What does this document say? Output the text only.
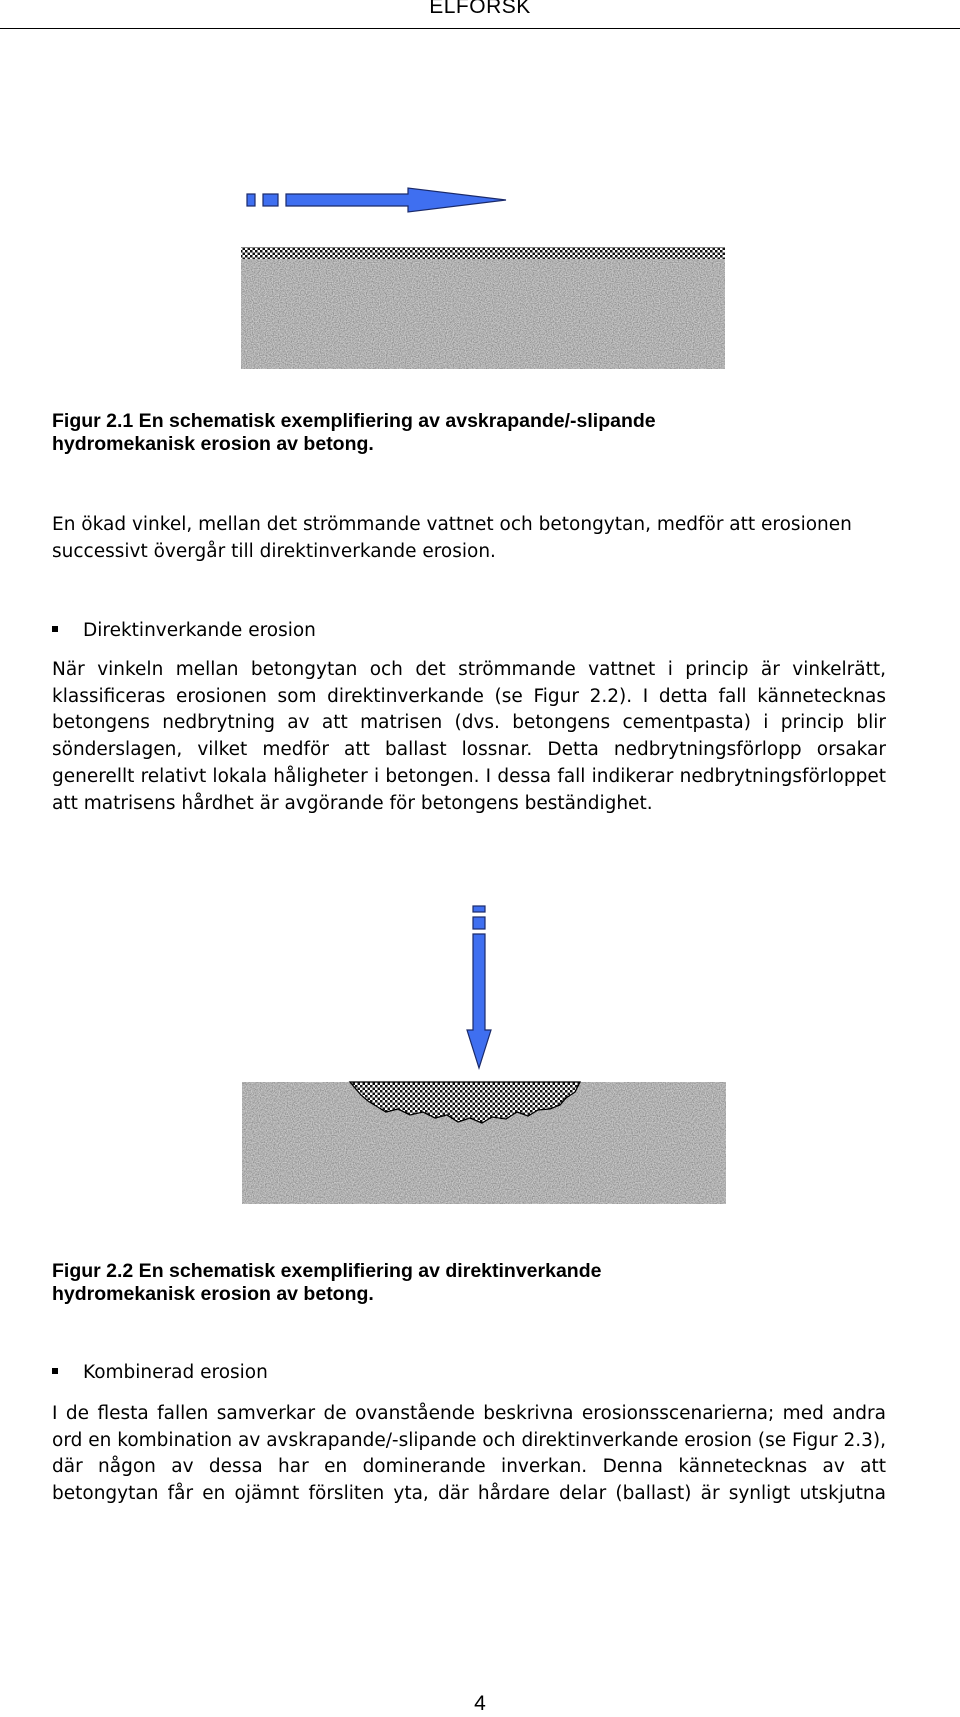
ELFORSK
Figur 2.1 En schematisk exemplifiering av avskrapande/-slipande
hydromekanisk erosion av betong.
En ökad vinkel, mellan det strömmande vattnet och betongytan, medför att erosionen successivt övergår till direktinverkande erosion.
Direktinverkande erosion
När vinkeln mellan betongytan och det strömmande vattnet i princip är vinkelrätt, klassificeras erosionen som direktinverkande (se Figur 2.2). I detta fall kännetecknas betongens nedbrytning av att matrisen (dvs. betongens cementpasta) i princip blir sönderslagen, vilket medför att ballast lossnar. Detta nedbrytningsförlopp orsakar generellt relativt lokala håligheter i betongen. I dessa fall indikerar nedbrytningsförloppet att matrisens hårdhet är avgörande för betongens beständighet.
Figur 2.2 En schematisk exemplifiering av direktinverkande
hydromekanisk erosion av betong.
Kombinerad erosion
I de flesta fallen samverkar de ovanstående beskrivna erosionsscenarierna; med andra ord en kombination av avskrapande/-slipande och direktinverkande erosion (se Figur 2.3), där någon av dessa har en dominerande inverkan. Denna kännetecknas av att betongytan får en ojämnt försliten yta, där hårdare delar (ballast) är synligt utskjutna
4
